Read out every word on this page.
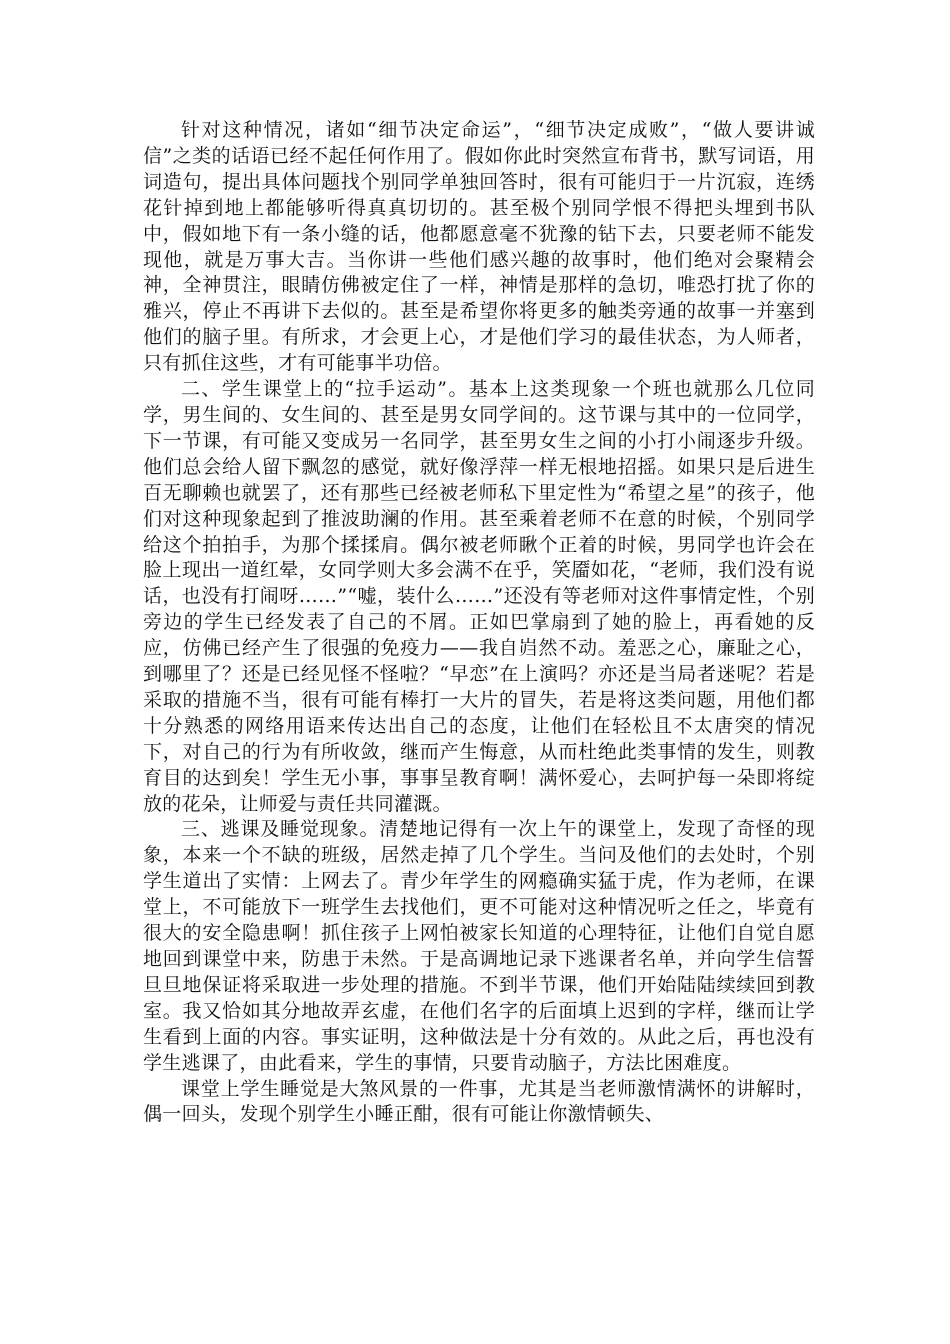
针对这种情况，诸如“细节决定命运”，“细节决定成败”，“做人要讲诚信”之类的话语已经不起任何作用了。假如你此时突然宣布背书，默写词语，用词造句，提出具体问题找个别同学单独回答时，很有可能归于一片沉寂，连绣花针掉到地上都能够听得真真切切的。甚至极个别同学恨不得把头埋到书队中，假如地下有一条小缝的话，他都愿意毫不犹豫的钻下去，只要老师不能发现他，就是万事大吉。当你讲一些他们感兴趣的故事时，他们绝对会聚精会神，全神贯注，眼睛仿佛被定住了一样，神情是那样的急切，唯恐打扰了你的雅兴，停止不再讲下去似的。甚至是希望你将更多的触类旁通的故事一并塞到他们的脑子里。有所求，才会更上心，才是他们学习的最佳状态，为人师者，只有抓住这些，才有可能事半功倍。

二、学生课堂上的“拉手运动”。基本上这类现象一个班也就那么几位同学，男生间的、女生间的、甚至是男女同学间的。这节课与其中的一位同学，下一节课，有可能又变成另一名同学，甚至男女生之间的小打小闹逐步升级。他们总会给人留下飘忽的感觉，就好像浮萍一样无根地招摇。如果只是后进生百无聊赖也就罢了，还有那些已经被老师私下里定性为“希望之星”的孩子，他们对这种现象起到了推波助澜的作用。甚至乘着老师不在意的时候，个别同学给这个拍拍手，为那个揉揉肩。偶尔被老师瞅个正着的时候，男同学也许会在脸上现出一道红晕，女同学则大多会满不在乎，笑靥如花，“老师，我们没有说话，也没有打闹呀……”“嘘，装什么……”还没有等老师对这件事情定性，个别旁边的学生已经发表了自己的不屑。正如巴掌扇到了她的脸上，再看她的反应，仿佛已经产生了很强的免疫力——我自岿然不动。羞恶之心，廉耻之心，到哪里了？还是已经见怪不怪啦？“早恋”在上演吗？亦还是当局者迷呢？若是采取的措施不当，很有可能有棒打一大片的冒失，若是将这类问题，用他们都十分熟悉的网络用语来传达出自己的态度，让他们在轻松且不太唐突的情况下，对自己的行为有所收敛，继而产生悔意，从而杜绝此类事情的发生，则教育目的达到矣！学生无小事，事事呈教育啊！满怀爱心，去呵护每一朵即将绽放的花朵，让师爱与责任共同灌溉。

三、逃课及睡觉现象。清楚地记得有一次上午的课堂上，发现了奇怪的现象，本来一个不缺的班级，居然走掉了几个学生。当问及他们的去处时，个别学生道出了实情：上网去了。青少年学生的网瘾确实猛于虎，作为老师，在课堂上，不可能放下一班学生去找他们，更不可能对这种情况听之任之，毕竟有很大的安全隐患啊！抓住孩子上网怕被家长知道的心理特征，让他们自觉自愿地回到课堂中来，防患于未然。于是高调地记录下逃课者名单，并向学生信誓旦旦地保证将采取进一步处理的措施。不到半节课，他们开始陆陆续续回到教室。我又恰如其分地故弄玄虚，在他们名字的后面填上迟到的字样，继而让学生看到上面的内容。事实证明，这种做法是十分有效的。从此之后，再也没有学生逃课了，由此看来，学生的事情，只要肯动脑子，方法比困难度。

课堂上学生睡觉是大煞风景的一件事，尤其是当老师激情满怀的讲解时，偶一回头，发现个别学生小睡正酣，很有可能让你激情顿失、
